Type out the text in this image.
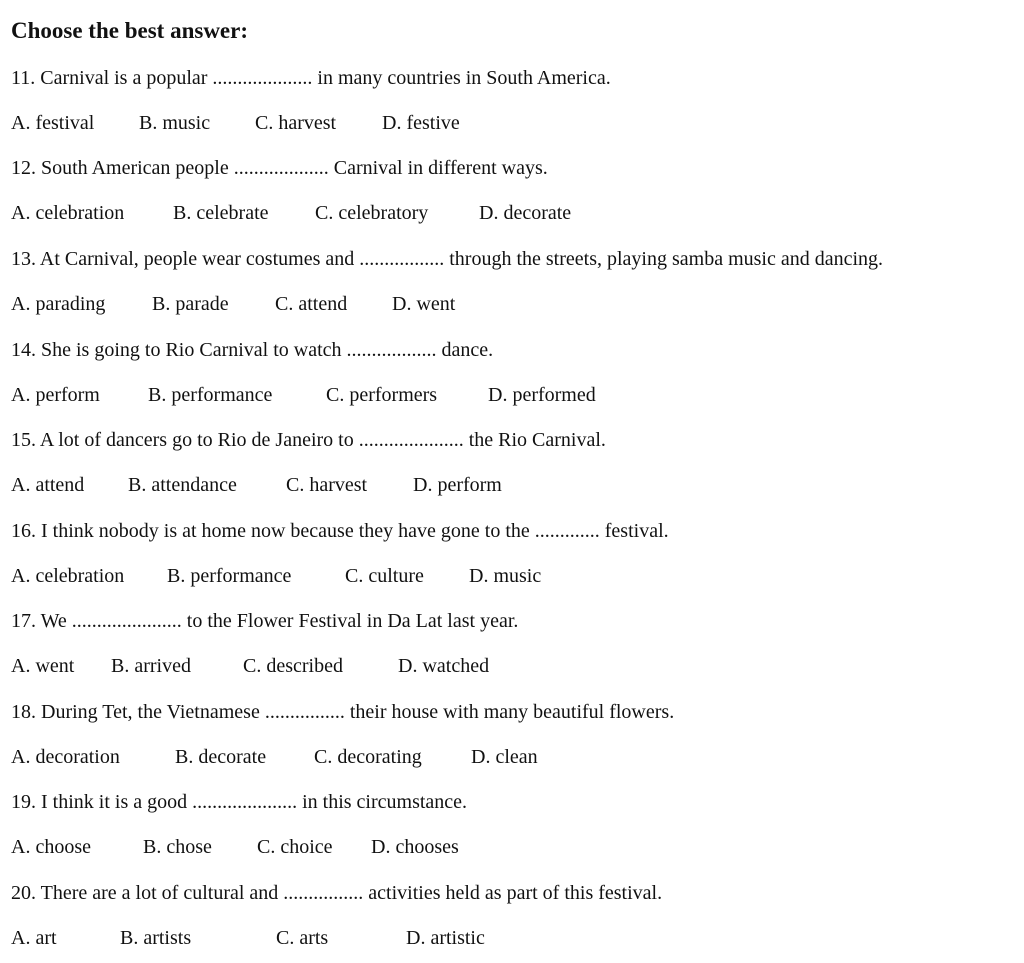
Choose the best answer:
11. Carnival is a popular .................... in many countries in South America.
A. festival B. music C. harvest D. festive
12. South American people ................... Carnival in different ways.
A. celebration B. celebrate C. celebratory	D. decorate
13. At Carnival, people wear costumes and ................. through the streets, playing samba music and dancing.
A. parading B. parade C. attend D. went
14. She is going to Rio Carnival to watch .................. dance.
A. perform B. performance	C. performers	D. performed
15. A lot of dancers go to Rio de Janeiro to ..................... the Rio Carnival.
A. attend B. attendance C. harvest D. perform
16. I think nobody is at home now because they have gone to the ............. festival.
A. celebration B. performance	C. culture D. music
17. We ...................... to the Flower Festival in Da Lat last year.
A. went B. arrived	C. described	D. watched
18. During Tet, the Vietnamese ................ their house with many beautiful flowers.
A. decoration	B. decorate C. decorating D. clean
19. I think it is a good ..................... in this circumstance.
A. choose	B. chose C. choice D. chooses
20. There are a lot of cultural and ................ activities held as part of this festival.
A. art	B. artists	C. arts	D. artistic
